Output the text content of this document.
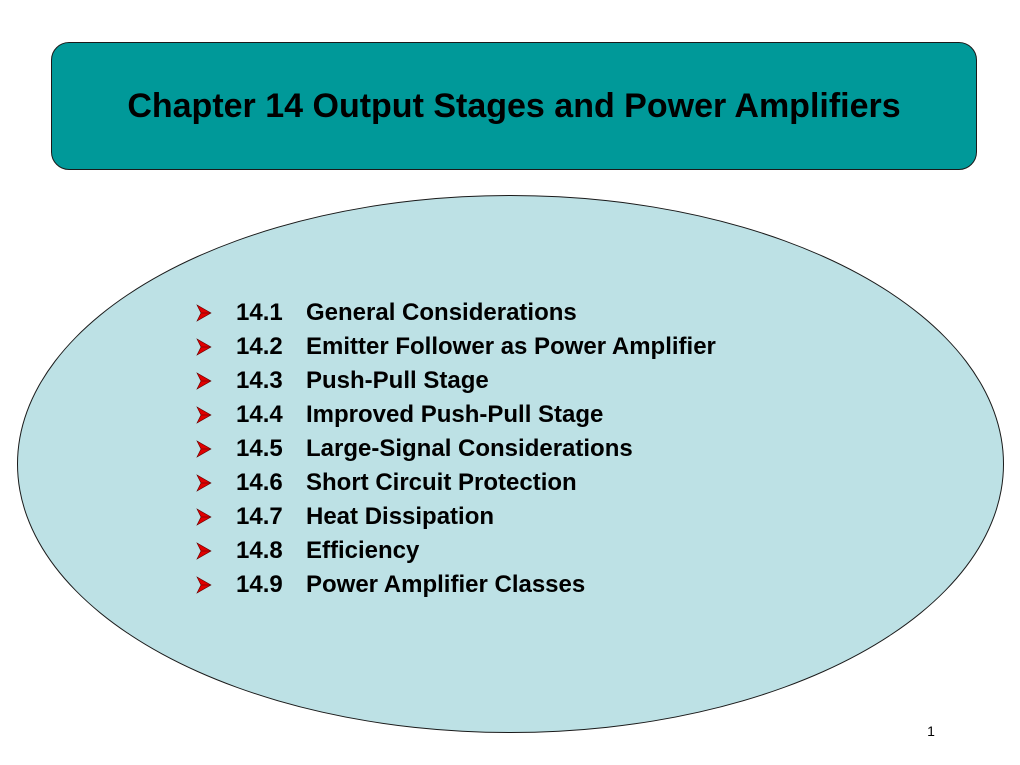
Chapter 14 Output Stages and Power Amplifiers
14.1 General Considerations
14.2 Emitter Follower as Power Amplifier
14.3 Push-Pull Stage
14.4 Improved Push-Pull Stage
14.5 Large-Signal Considerations
14.6 Short Circuit Protection
14.7 Heat Dissipation
14.8 Efficiency
14.9 Power Amplifier Classes
1
